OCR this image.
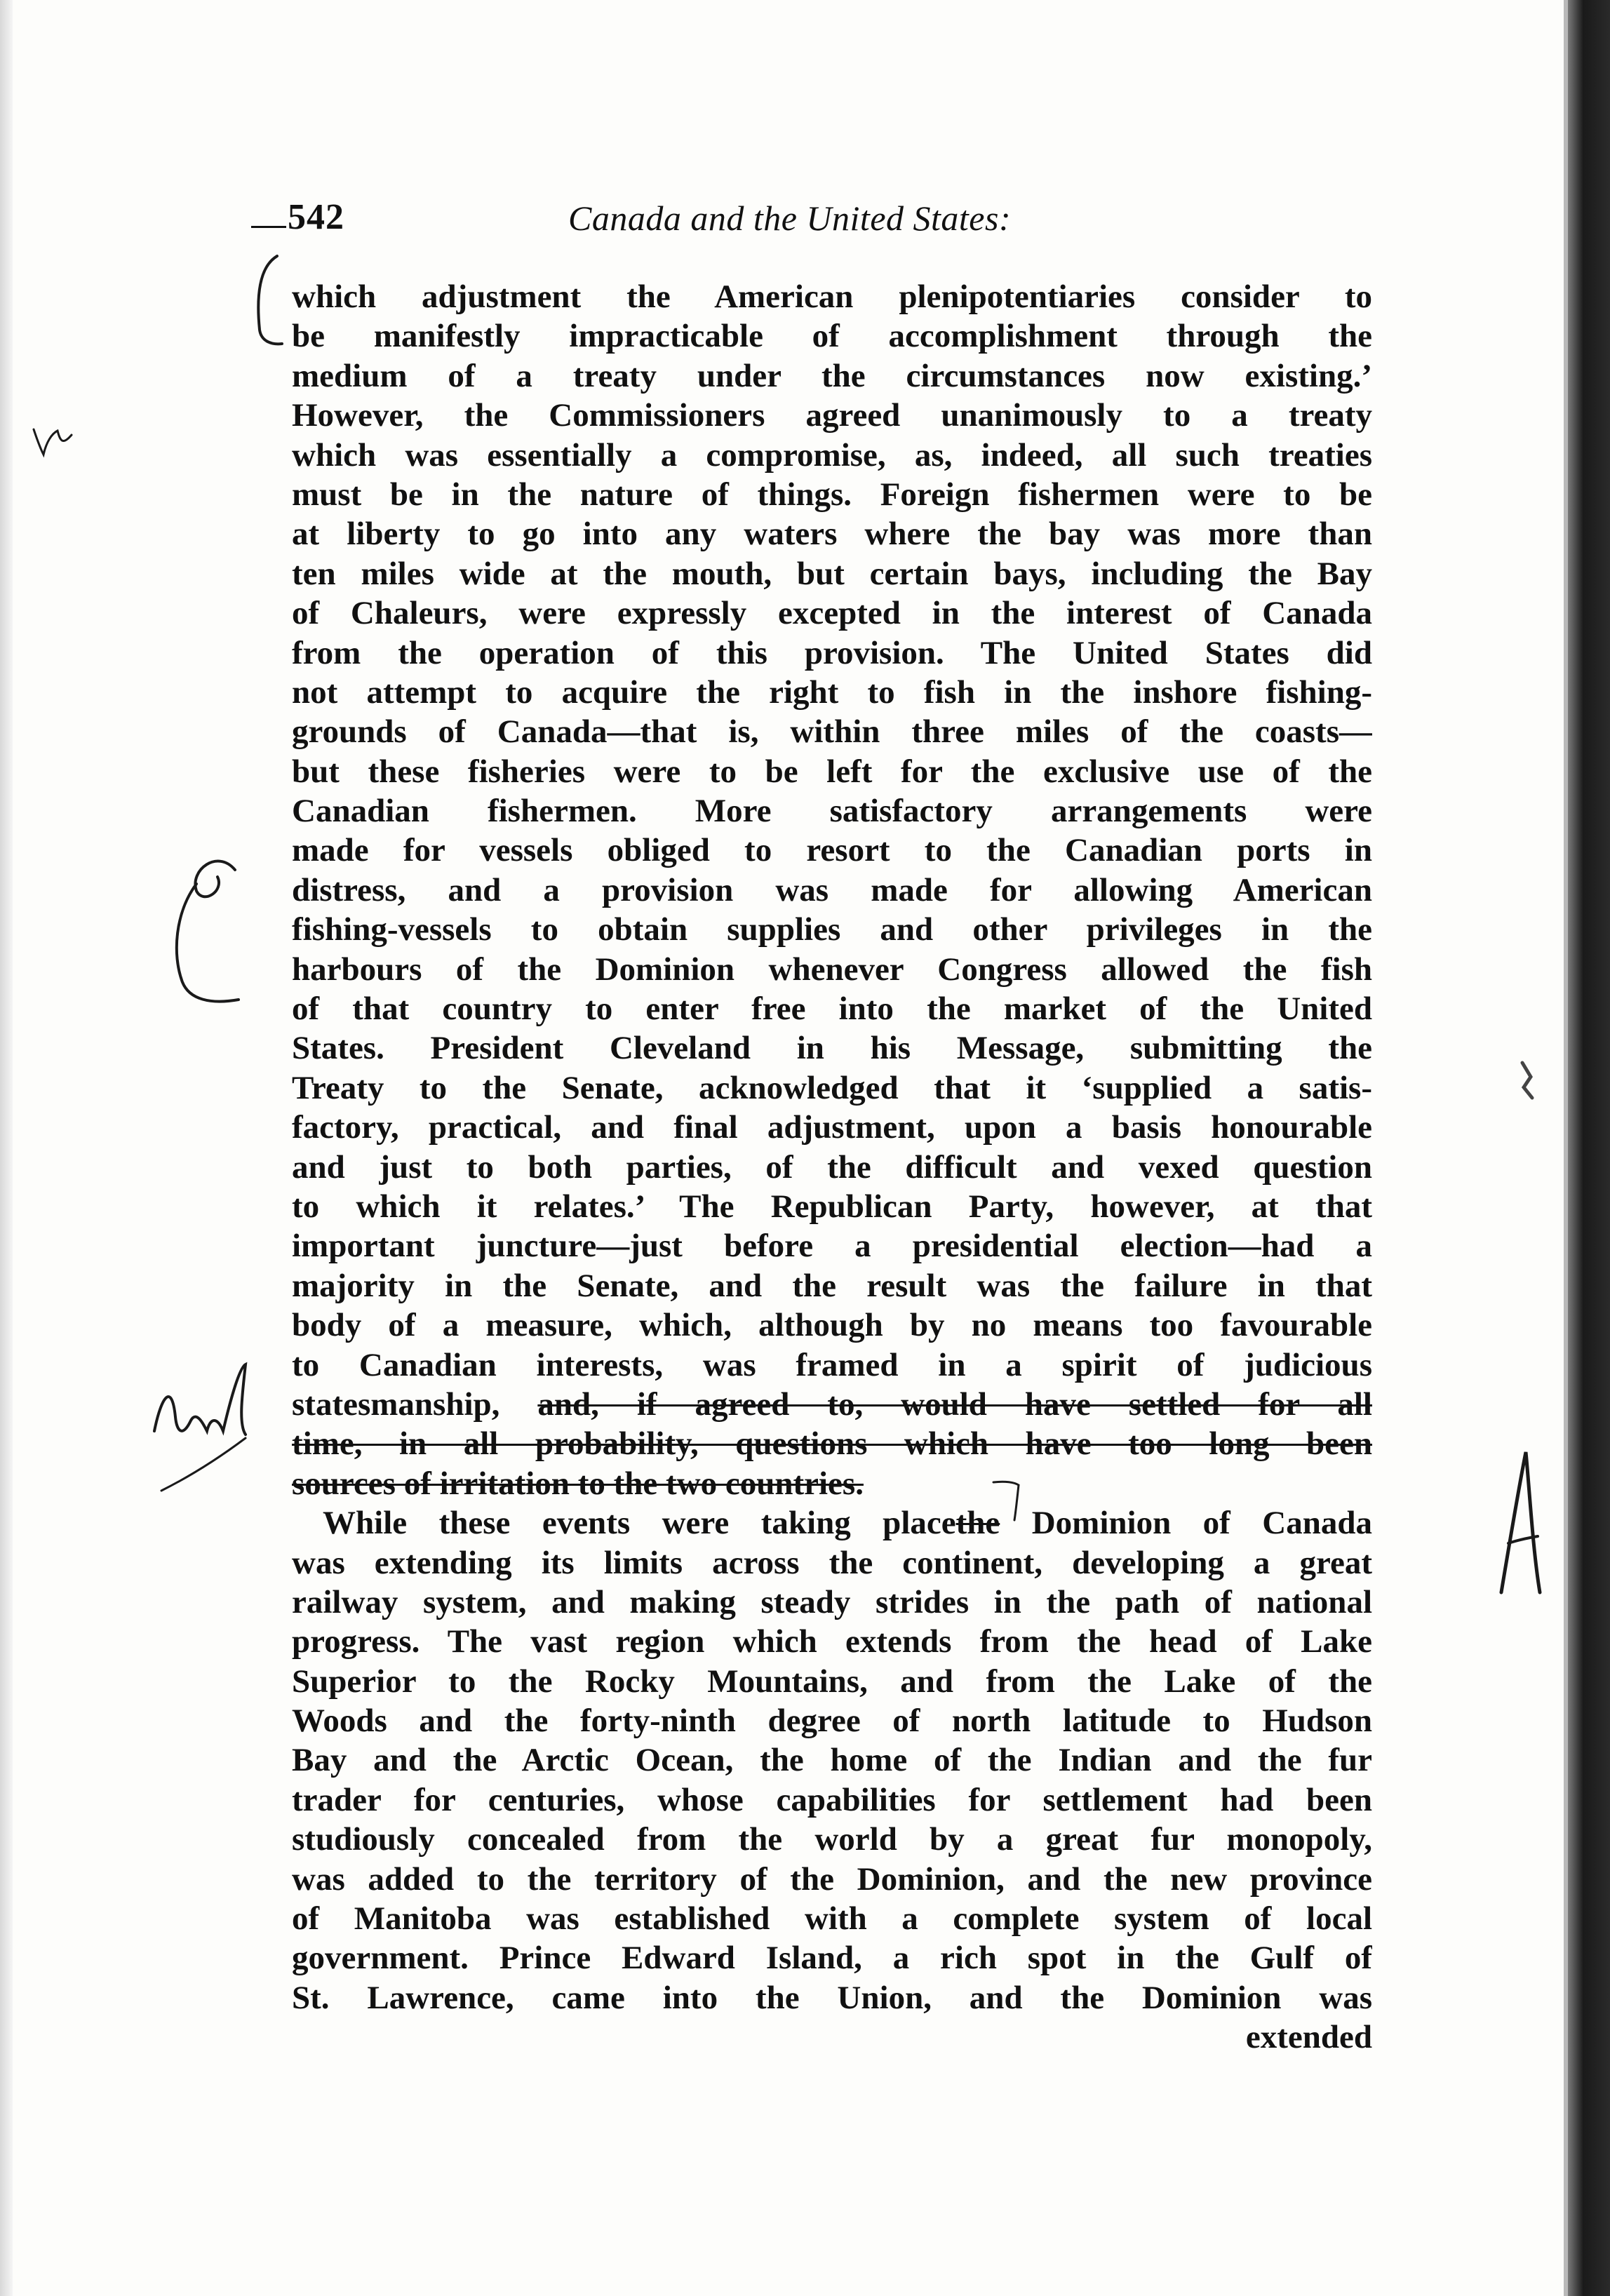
542	Canada and the United States:
which adjustment the American plenipotentiaries consider to
be manifestly impracticable of accomplishment through the
medium of a treaty under the circumstances now existing.’
However, the Commissioners agreed unanimously to a treaty
which was essentially a compromise, as, indeed, all such treaties
must be in the nature of things. Foreign fishermen were to be
at liberty to go into any waters where the bay was more than
ten miles wide at the mouth, but certain bays, including the Bay
of Chaleurs, were expressly excepted in the interest of Canada
from the operation of this provision. The United States did
not attempt to acquire the right to fish in the inshore fishing-
grounds of Canada—that is, within three miles of the coasts—
but these fisheries were to be left for the exclusive use of the
Canadian fishermen. More satisfactory arrangements were
made for vessels obliged to resort to the Canadian ports in
distress, and a provision was made for allowing American
fishing-vessels to obtain supplies and other privileges in the
harbours of the Dominion whenever Congress allowed the fish
of that country to enter free into the market of the United
States. President Cleveland in his Message, submitting the
Treaty to the Senate, acknowledged that it ‘supplied a satis-
factory, practical, and final adjustment, upon a basis honourable
and just to both parties, of the difficult and vexed question
to which it relates.’ The Republican Party, however, at that
important juncture—just before a presidential election—had a
majority in the Senate, and the result was the failure in that
body of a measure, which, although by no means too favourable
to Canadian interests, was framed in a spirit of judicious
statesmanship, and, if agreed to, would have settled for all
time, in all probability, questions which have too long been
sources of irritation to the two countries.
While these events were taking placethe Dominion of Canada
was extending its limits across the continent, developing a great
railway system, and making steady strides in the path of national
progress. The vast region which extends from the head of Lake
Superior to the Rocky Mountains, and from the Lake of the
Woods and the forty-ninth degree of north latitude to Hudson
Bay and the Arctic Ocean, the home of the Indian and the fur
trader for centuries, whose capabilities for settlement had been
studiously concealed from the world by a great fur monopoly,
was added to the territory of the Dominion, and the new province
of Manitoba was established with a complete system of local
government. Prince Edward Island, a rich spot in the Gulf of
St. Lawrence, came into the Union, and the Dominion was
extended
